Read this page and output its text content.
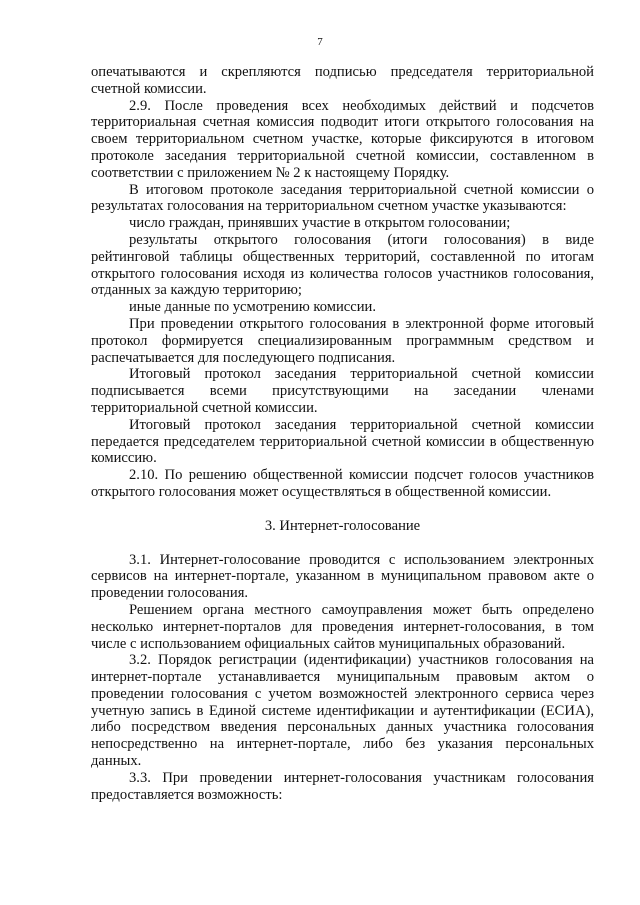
7

опечатываются и скрепляются подписью председателя территориальной счетной комиссии.

2.9. После проведения всех необходимых действий и подсчетов территориальная счетная комиссия подводит итоги открытого голосования на своем территориальном счетном участке, которые фиксируются в итоговом протоколе заседания территориальной счетной комиссии, составленном в соответствии с приложением № 2 к настоящему Порядку.

В итоговом протоколе заседания территориальной счетной комиссии о результатах голосования на территориальном счетном участке указываются:

число граждан, принявших участие в открытом голосовании;

результаты открытого голосования (итоги голосования) в виде рейтинговой таблицы общественных территорий, составленной по итогам открытого голосования исходя из количества голосов участников голосования, отданных за каждую территорию;

иные данные по усмотрению комиссии.

При проведении открытого голосования в электронной форме итоговый протокол формируется специализированным программным средством и распечатывается для последующего подписания.

Итоговый протокол заседания территориальной счетной комиссии подписывается всеми присутствующими на заседании членами территориальной счетной комиссии.

Итоговый протокол заседания территориальной счетной комиссии передается председателем территориальной счетной комиссии в общественную комиссию.

2.10. По решению общественной комиссии подсчет голосов участников открытого голосования может осуществляться в общественной комиссии.

3. Интернет-голосование

3.1. Интернет-голосование проводится с использованием электронных сервисов на интернет-портале, указанном в муниципальном правовом акте о проведении голосования.

Решением органа местного самоуправления может быть определено несколько интернет-порталов для проведения интернет-голосования, в том числе с использованием официальных сайтов муниципальных образований.

3.2. Порядок регистрации (идентификации) участников голосования на интернет-портале устанавливается муниципальным правовым актом о проведении голосования с учетом возможностей электронного сервиса через учетную запись в Единой системе идентификации и аутентификации (ЕСИА), либо посредством введения персональных данных участника голосования непосредственно на интернет-портале, либо без указания персональных данных.

3.3. При проведении интернет-голосования участникам голосования предоставляется возможность:
